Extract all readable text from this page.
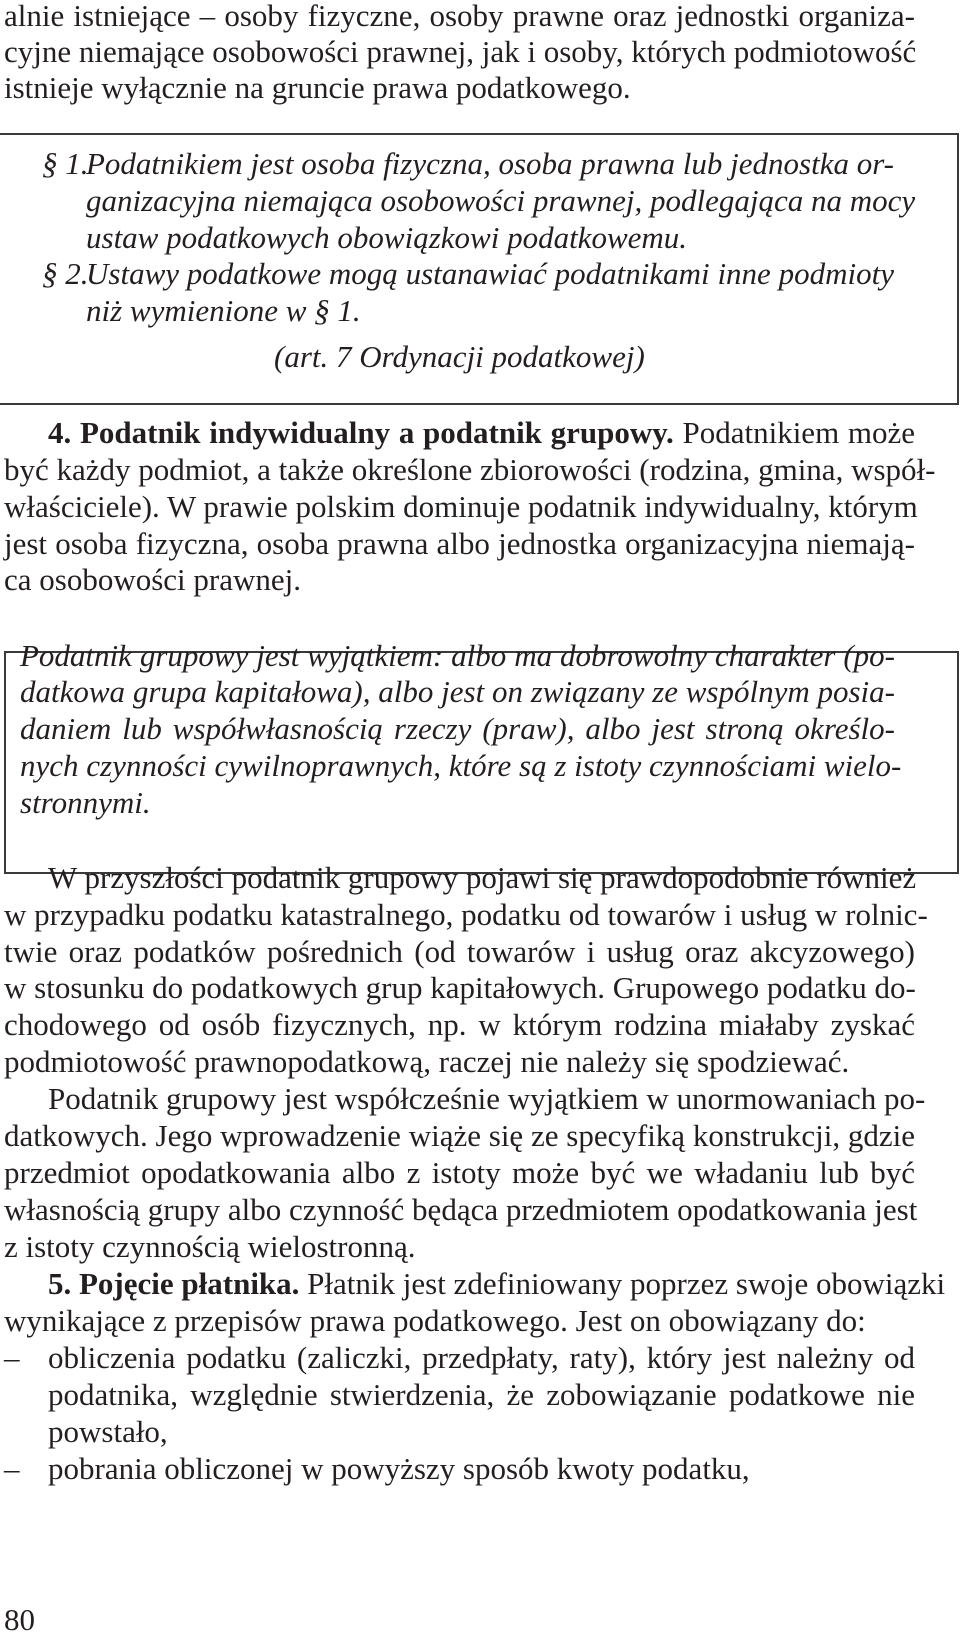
alnie istniejące – osoby fizyczne, osoby prawne oraz jednostki organiza-
cyjne niemające osobowości prawnej, jak i osoby, których podmiotowość
istnieje wyłącznie na gruncie prawa podatkowego.
§ 1.
Podatnikiem jest osoba fizyczna, osoba prawna lub jednostka or-
ganizacyjna niemająca osobowości prawnej, podlegająca na mocy
ustaw podatkowych obowiązkowi podatkowemu.
§ 2.
Ustawy podatkowe mogą ustanawiać podatnikami inne podmioty
niż wymienione w § 1.
(art. 7 Ordynacji podatkowej)
4. Podatnik indywidualny a podatnik grupowy. Podatnikiem może
być każdy podmiot, a także określone zbiorowości (rodzina, gmina, współ-
właściciele). W prawie polskim dominuje podatnik indywidualny, którym
jest osoba fizyczna, osoba prawna albo jednostka organizacyjna niemają-
ca osobowości prawnej.
Podatnik grupowy jest wyjątkiem: albo ma dobrowolny charakter (po-
datkowa grupa kapitałowa), albo jest on związany ze wspólnym posia-
daniem lub współwłasnością rzeczy (praw), albo jest stroną określo-
nych czynności cywilnoprawnych, które są z istoty czynnościami wielo-
stronnymi.
W przyszłości podatnik grupowy pojawi się prawdopodobnie również
w przypadku podatku katastralnego, podatku od towarów i usług w rolnic-
twie oraz podatków pośrednich (od towarów i usług oraz akcyzowego)
w stosunku do podatkowych grup kapitałowych. Grupowego podatku do-
chodowego od osób fizycznych, np. w którym rodzina miałaby zyskać
podmiotowość prawnopodatkową, raczej nie należy się spodziewać.
Podatnik grupowy jest współcześnie wyjątkiem w unormowaniach po-
datkowych. Jego wprowadzenie wiąże się ze specyfiką konstrukcji, gdzie
przedmiot opodatkowania albo z istoty może być we władaniu lub być
własnością grupy albo czynność będąca przedmiotem opodatkowania jest
z istoty czynnością wielostronną.
5. Pojęcie płatnika. Płatnik jest zdefiniowany poprzez swoje obowiązki
wynikające z przepisów prawa podatkowego. Jest on obowiązany do:
– obliczenia podatku (zaliczki, przedpłaty, raty), który jest należny od
podatnika, względnie stwierdzenia, że zobowiązanie podatkowe nie
powstało,
– pobrania obliczonej w powyższy sposób kwoty podatku,
80
